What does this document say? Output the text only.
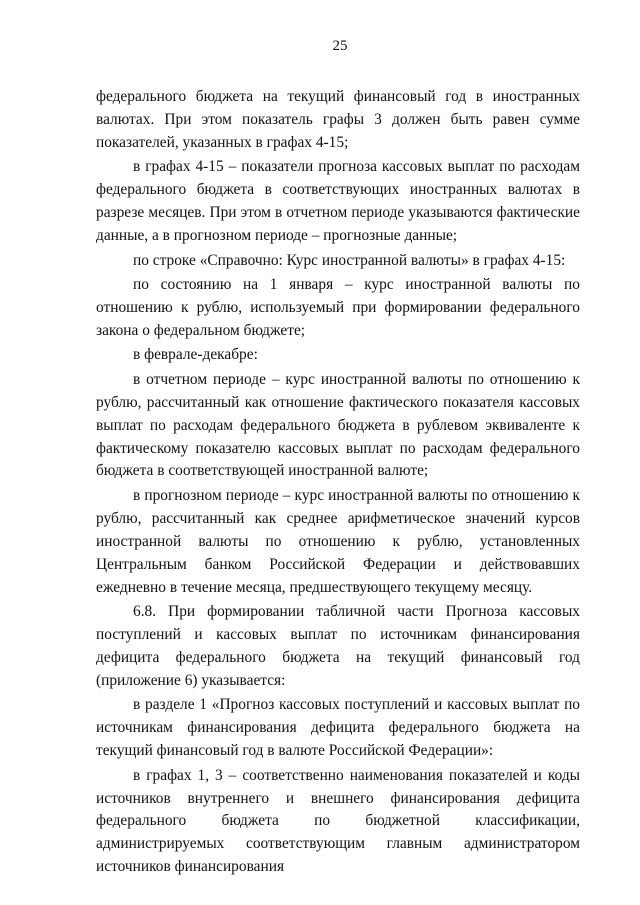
25

федерального бюджета на текущий финансовый год в иностранных валютах. При этом показатель графы 3 должен быть равен сумме показателей, указанных в графах 4-15;

в графах 4-15 – показатели прогноза кассовых выплат по расходам федерального бюджета в соответствующих иностранных валютах в разрезе месяцев. При этом в отчетном периоде указываются фактические данные, а в прогнозном периоде – прогнозные данные;

по строке «Справочно: Курс иностранной валюты» в графах 4-15:

по состоянию на 1 января – курс иностранной валюты по отношению к рублю, используемый при формировании федерального закона о федеральном бюджете;

в феврале-декабре:

в отчетном периоде – курс иностранной валюты по отношению к рублю, рассчитанный как отношение фактического показателя кассовых выплат по расходам федерального бюджета в рублевом эквиваленте к фактическому показателю кассовых выплат по расходам федерального бюджета в соответствующей иностранной валюте;

в прогнозном периоде – курс иностранной валюты по отношению к рублю, рассчитанный как среднее арифметическое значений курсов иностранной валюты по отношению к рублю, установленных Центральным банком Российской Федерации и действовавших ежедневно в течение месяца, предшествующего текущему месяцу.

6.8. При формировании табличной части Прогноза кассовых поступлений и кассовых выплат по источникам финансирования дефицита федерального бюджета на текущий финансовый год (приложение 6) указывается:

в разделе 1 «Прогноз кассовых поступлений и кассовых выплат по источникам финансирования дефицита федерального бюджета на текущий финансовый год в валюте Российской Федерации»:

в графах 1, 3 – соответственно наименования показателей и коды источников внутреннего и внешнего финансирования дефицита федерального бюджета по бюджетной классификации, администрируемых соответствующим главным администратором источников финансирования
